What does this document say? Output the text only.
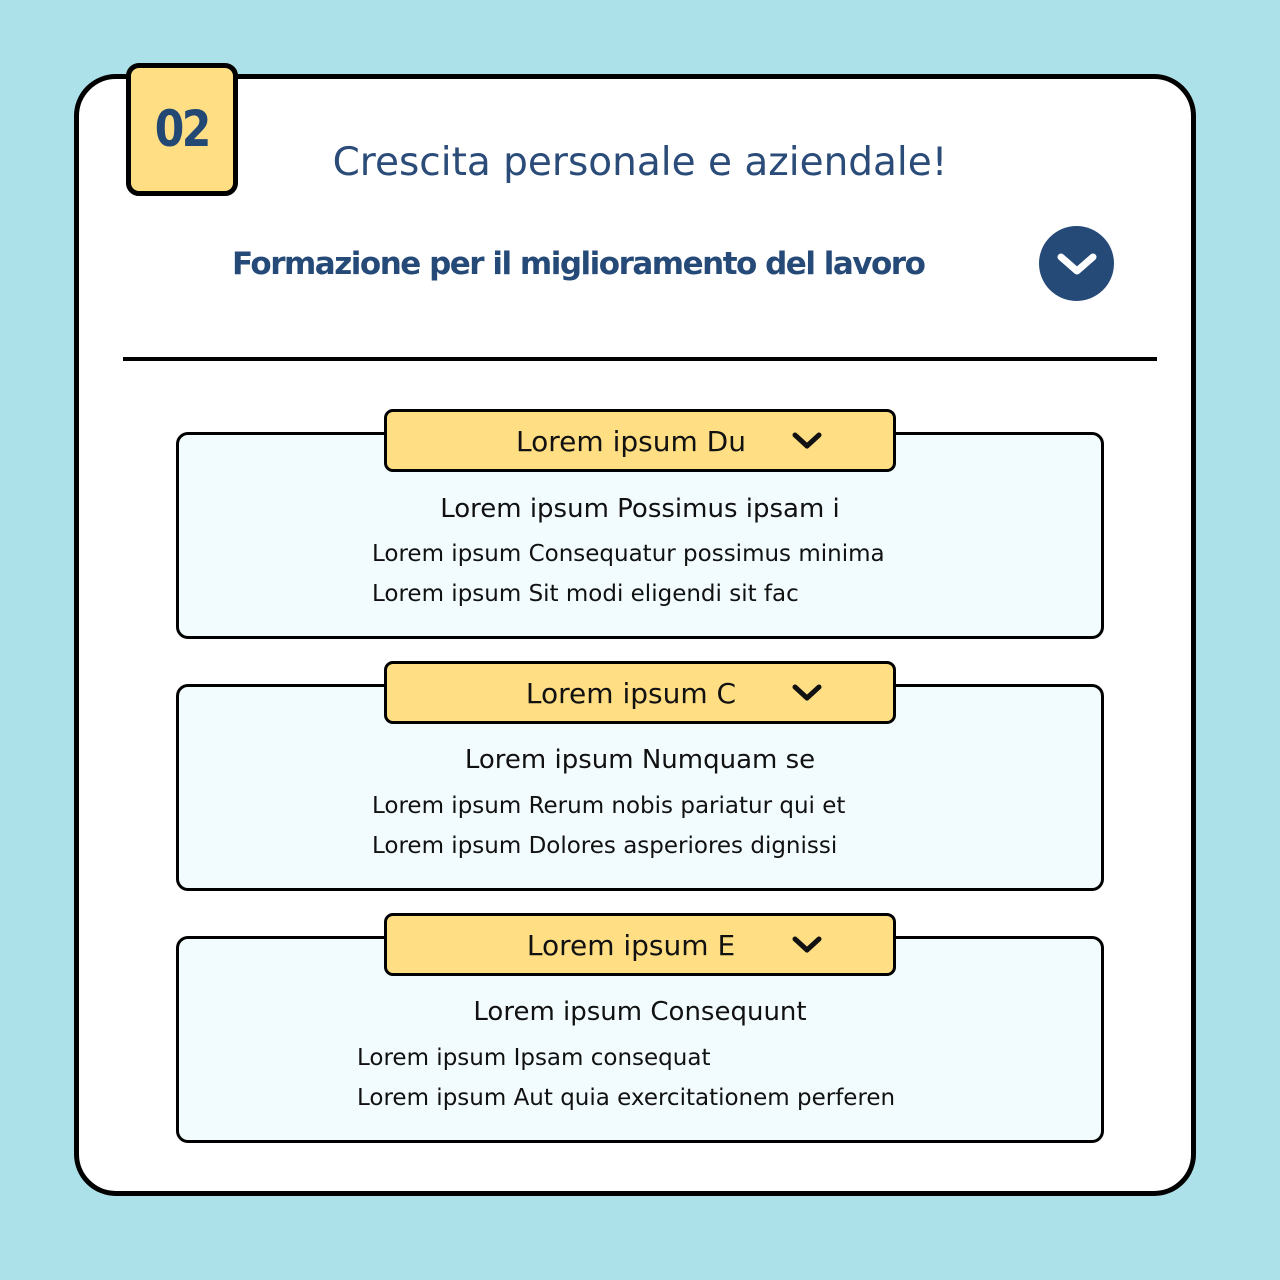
02
Crescita personale e aziendale!
Formazione per il miglioramento del lavoro
Lorem ipsum Du
Lorem ipsum Possimus ipsam i
Lorem ipsum Consequatur possimus minima
Lorem ipsum Sit modi eligendi sit fac
Lorem ipsum C
Lorem ipsum Numquam se
Lorem ipsum Rerum nobis pariatur qui et
Lorem ipsum Dolores asperiores dignissi
Lorem ipsum E
Lorem ipsum Consequunt
Lorem ipsum Ipsam consequat
Lorem ipsum Aut quia exercitationem perferen
